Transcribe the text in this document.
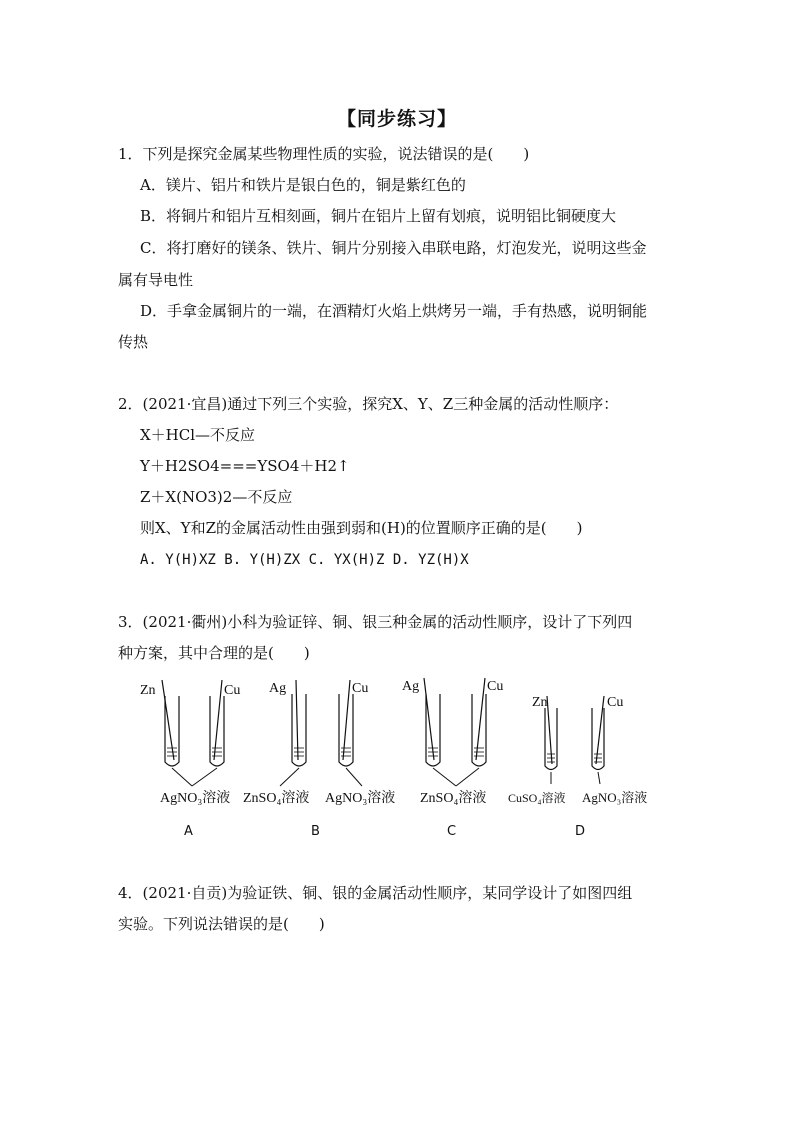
【同步练习】
1．下列是探究金属某些物理性质的实验，说法错误的是(　　)
A．镁片、铝片和铁片是银白色的，铜是紫红色的
B．将铜片和铝片互相刻画，铜片在铝片上留有划痕，说明铝比铜硬度大
C．将打磨好的镁条、铁片、铜片分别接入串联电路，灯泡发光，说明这些金
属有导电性
D．手拿金属铜片的一端，在酒精灯火焰上烘烤另一端，手有热感，说明铜能
传热
2．(2021·宜昌)通过下列三个实验，探究X、Y、Z三种金属的活动性顺序：
X＋HCl—不反应
Y＋H2SO4===YSO4＋H2↑
Z＋X(NO3)2—不反应
则X、Y和Z的金属活动性由强到弱和(H)的位置顺序正确的是(　　)
A. Y(H)XZ B. Y(H)ZX C. YX(H)Z D. YZ(H)X
3．(2021·衢州)小科为验证锌、铜、银三种金属的活动性顺序，设计了下列四
种方案，其中合理的是(　　)
Zn	Cu Ag	Cu Ag	Cu
Zn	Cu
AgNO₃溶液 ZnSO₄溶液 AgNO₃溶液 ZnSO₄溶液 CuSO₄溶液 AgNO₃溶液
A	B	C	D
4．(2021·自贡)为验证铁、铜、银的金属活动性顺序，某同学设计了如图四组
实验。下列说法错误的是(　　)
